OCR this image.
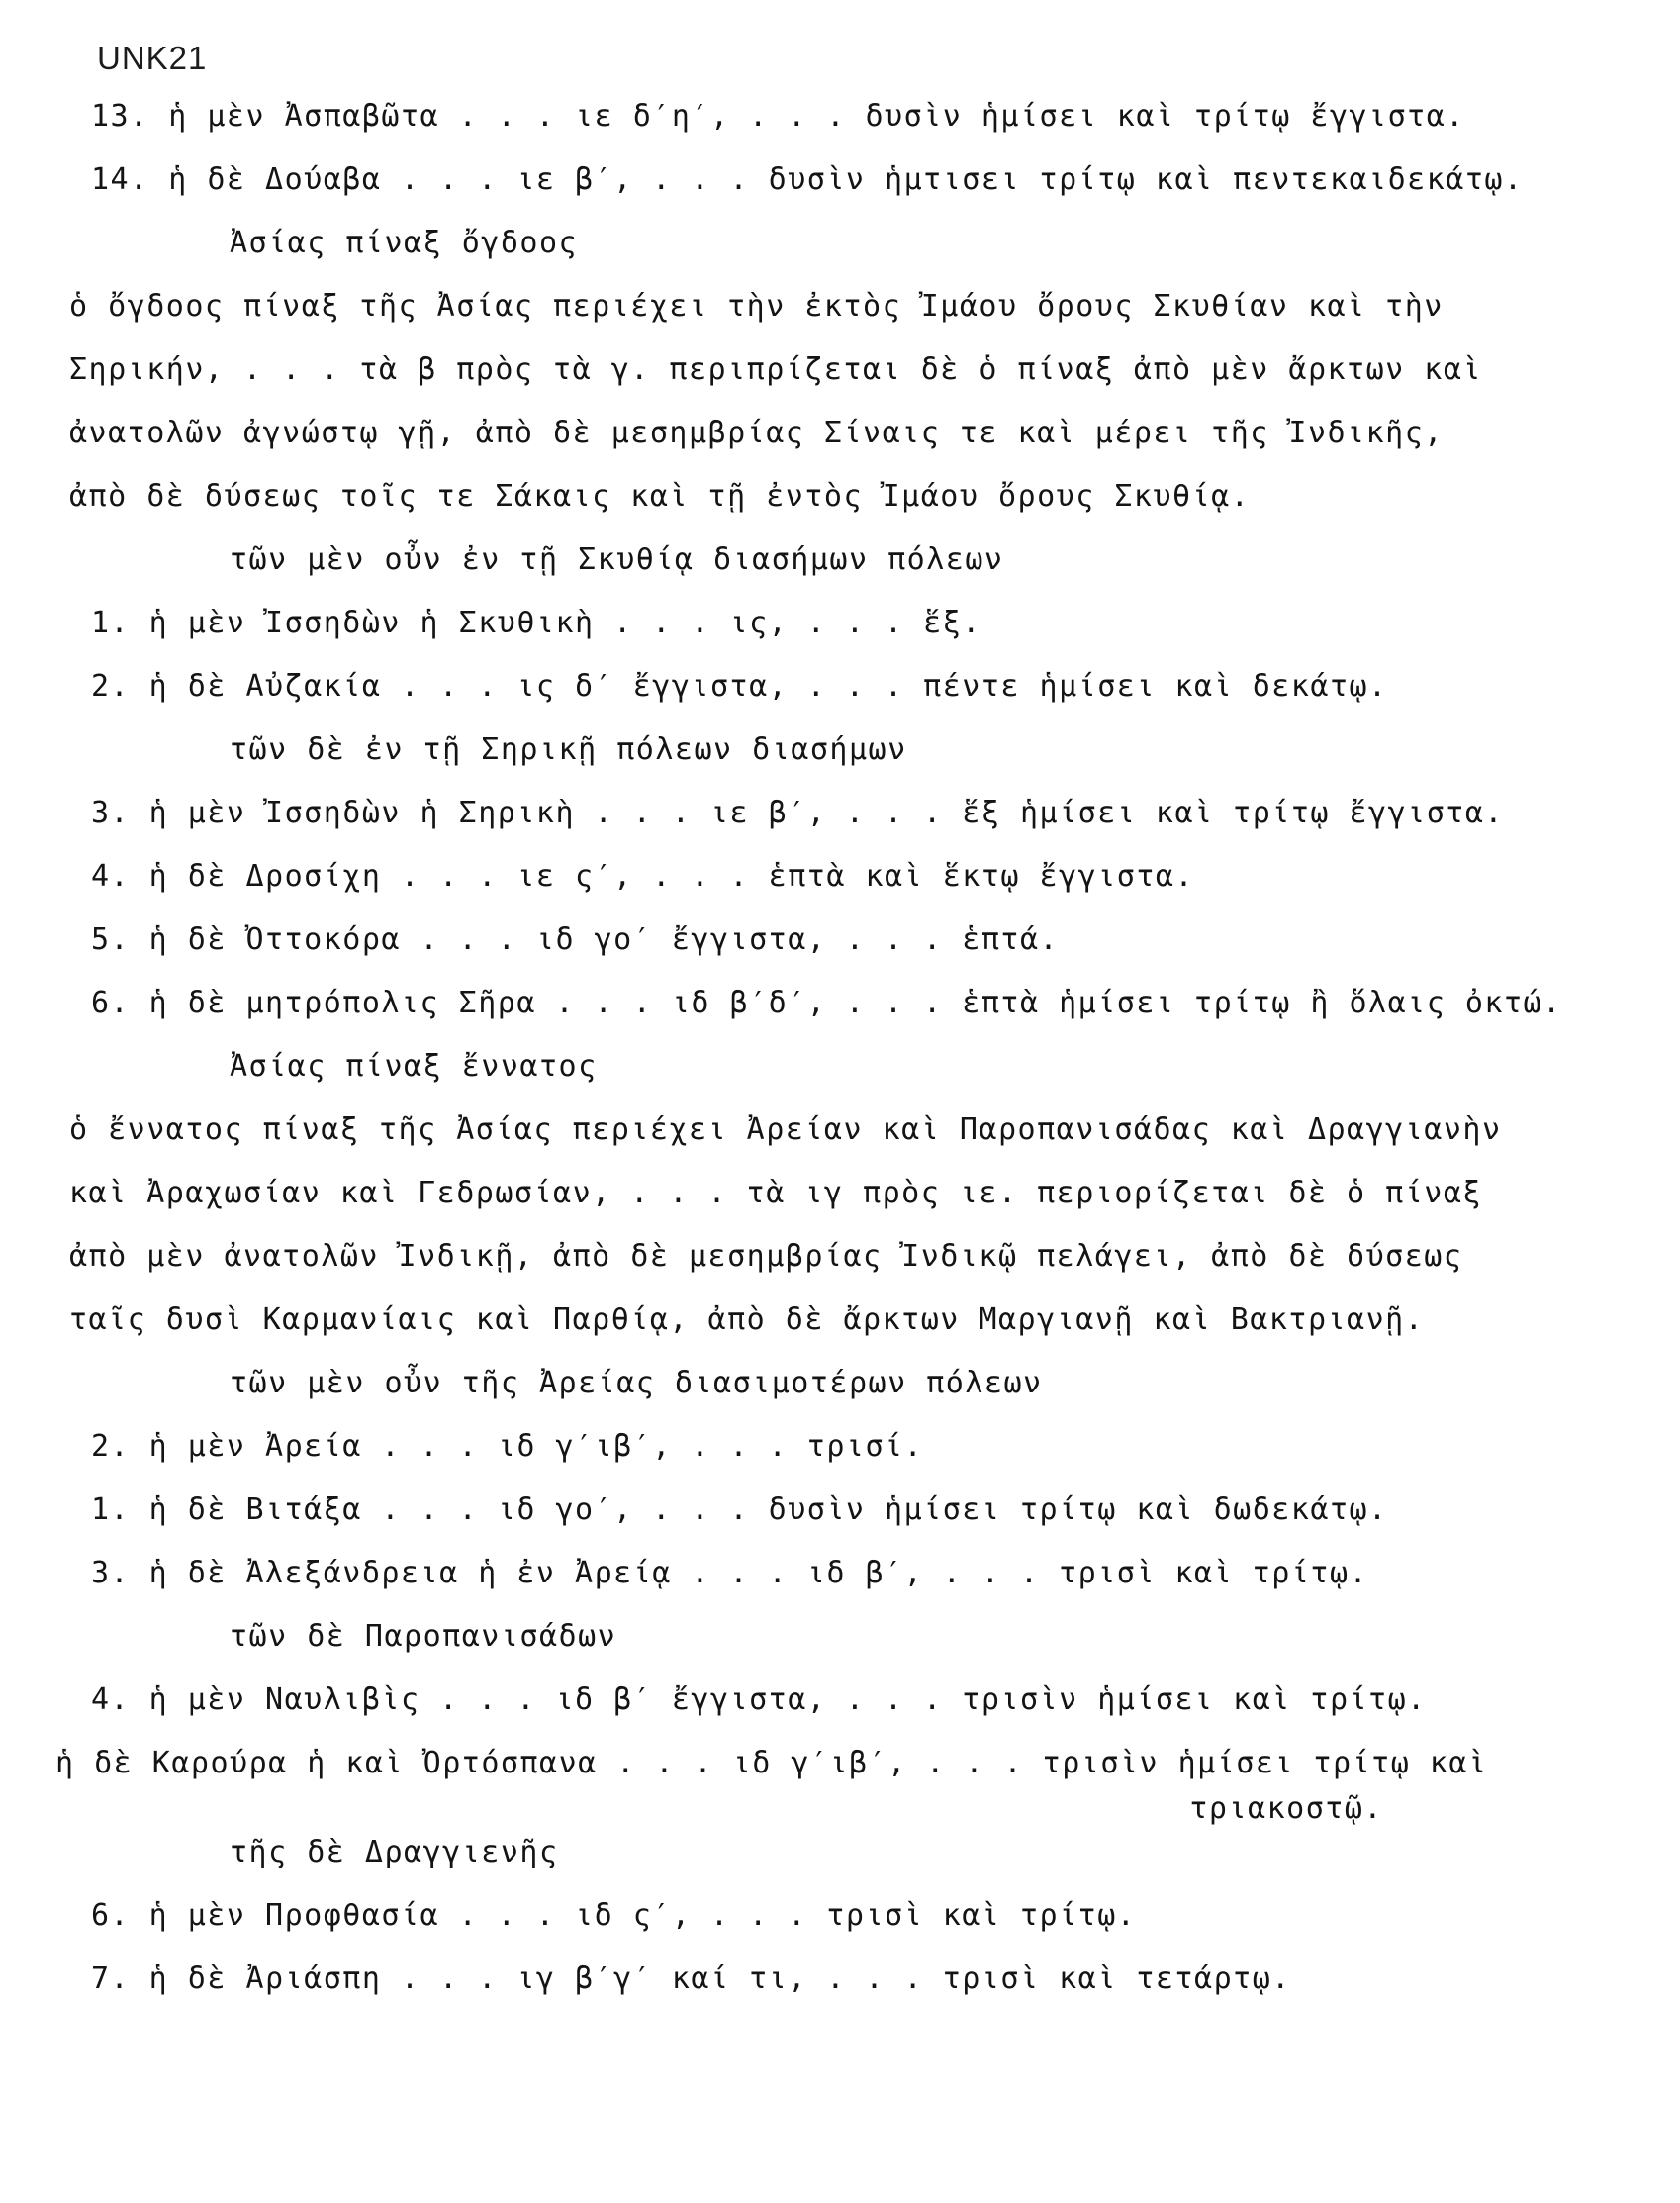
UNK21
13. ἡ μὲν Ἀσπαβῶτα . . . ιε δ′η′, . . . δυσὶν ἡμίσει καὶ τρίτῳ ἔγγιστα.
14. ἡ δὲ Δούαβα . . . ιε β′, . . . δυσὶν ἡμτισει τρίτῳ καὶ πεντεκαιδεκάτῳ.
Ἀσίας πίναξ ὄγδοος
ὁ ὄγδοος πίναξ τῆς Ἀσίας περιέχει τὴν ἐκτὸς Ἰμάου ὄρους Σκυθίαν καὶ τὴν
Σηρικήν, . . . τὰ β πρὸς τὰ γ. περιπρίζεται δὲ ὁ πίναξ ἀπὸ μὲν ἄρκτων καὶ
ἀνατολῶν ἀγνώστῳ γῇ, ἀπὸ δὲ μεσημβρίας Σίναις τε καὶ μέρει τῆς Ἰνδικῆς,
ἀπὸ δὲ δύσεως τοῖς τε Σάκαις καὶ τῇ ἐντὸς Ἰμάου ὄρους Σκυθίᾳ.
τῶν μὲν οὖν ἐν τῇ Σκυθίᾳ διασήμων πόλεων
1. ἡ μὲν Ἰσσηδὼν ἡ Σκυθικὴ . . . ις, . . . ἕξ.
2. ἡ δὲ Αὐζακία . . . ις δ′ ἔγγιστα, . . . πέντε ἡμίσει καὶ δεκάτῳ.
τῶν δὲ ἐν τῇ Σηρικῇ πόλεων διασήμων
3. ἡ μὲν Ἰσσηδὼν ἡ Σηρικὴ . . . ιε β′, . . . ἕξ ἡμίσει καὶ τρίτῳ ἔγγιστα.
4. ἡ δὲ Δροσίχη . . . ιε ς′, . . . ἑπτὰ καὶ ἕκτῳ ἔγγιστα.
5. ἡ δὲ Ὀττοκόρα . . . ιδ γο′ ἔγγιστα, . . . ἑπτά.
6. ἡ δὲ μητρόπολις Σῆρα . . . ιδ β′δ′, . . . ἑπτὰ ἡμίσει τρίτῳ ἢ ὅλαις ὀκτώ.
Ἀσίας πίναξ ἔννατος
ὁ ἔννατος πίναξ τῆς Ἀσίας περιέχει Ἀρείαν καὶ Παροπανισάδας καὶ Δραγγιανὴν
καὶ Ἀραχωσίαν καὶ Γεδρωσίαν, . . . τὰ ιγ πρὸς ιε. περιορίζεται δὲ ὁ πίναξ
ἀπὸ μὲν ἀνατολῶν Ἰνδικῇ, ἀπὸ δὲ μεσημβρίας Ἰνδικῷ πελάγει, ἀπὸ δὲ δύσεως
ταῖς δυσὶ Καρμανίαις καὶ Παρθίᾳ, ἀπὸ δὲ ἄρκτων Μαργιανῇ καὶ Βακτριανῇ.
τῶν μὲν οὖν τῆς Ἀρείας διασιμοτέρων πόλεων
2. ἡ μὲν Ἀρεία . . . ιδ γ′ιβ′, . . . τρισί.
1. ἡ δὲ Βιτάξα . . . ιδ γο′, . . . δυσὶν ἡμίσει τρίτῳ καὶ δωδεκάτῳ.
3. ἡ δὲ Ἀλεξάνδρεια ἡ ἐν Ἀρείᾳ . . . ιδ β′, . . . τρισὶ καὶ τρίτῳ.
τῶν δὲ Παροπανισάδων
4. ἡ μὲν Ναυλιβὶς . . . ιδ β′ ἔγγιστα, . . . τρισὶν ἡμίσει καὶ τρίτῳ.
ἡ δὲ Καρούρα ἡ καὶ Ὀρτόσπανα . . . ιδ γ′ιβ′, . . . τρισὶν ἡμίσει τρίτῳ καὶ
τριακοστῷ.
τῆς δὲ Δραγγιενῆς
6. ἡ μὲν Προφθασία . . . ιδ ς′, . . . τρισὶ καὶ τρίτῳ.
7. ἡ δὲ Ἀριάσπη . . . ιγ β′γ′ καί τι, . . . τρισὶ καὶ τετάρτῳ.
